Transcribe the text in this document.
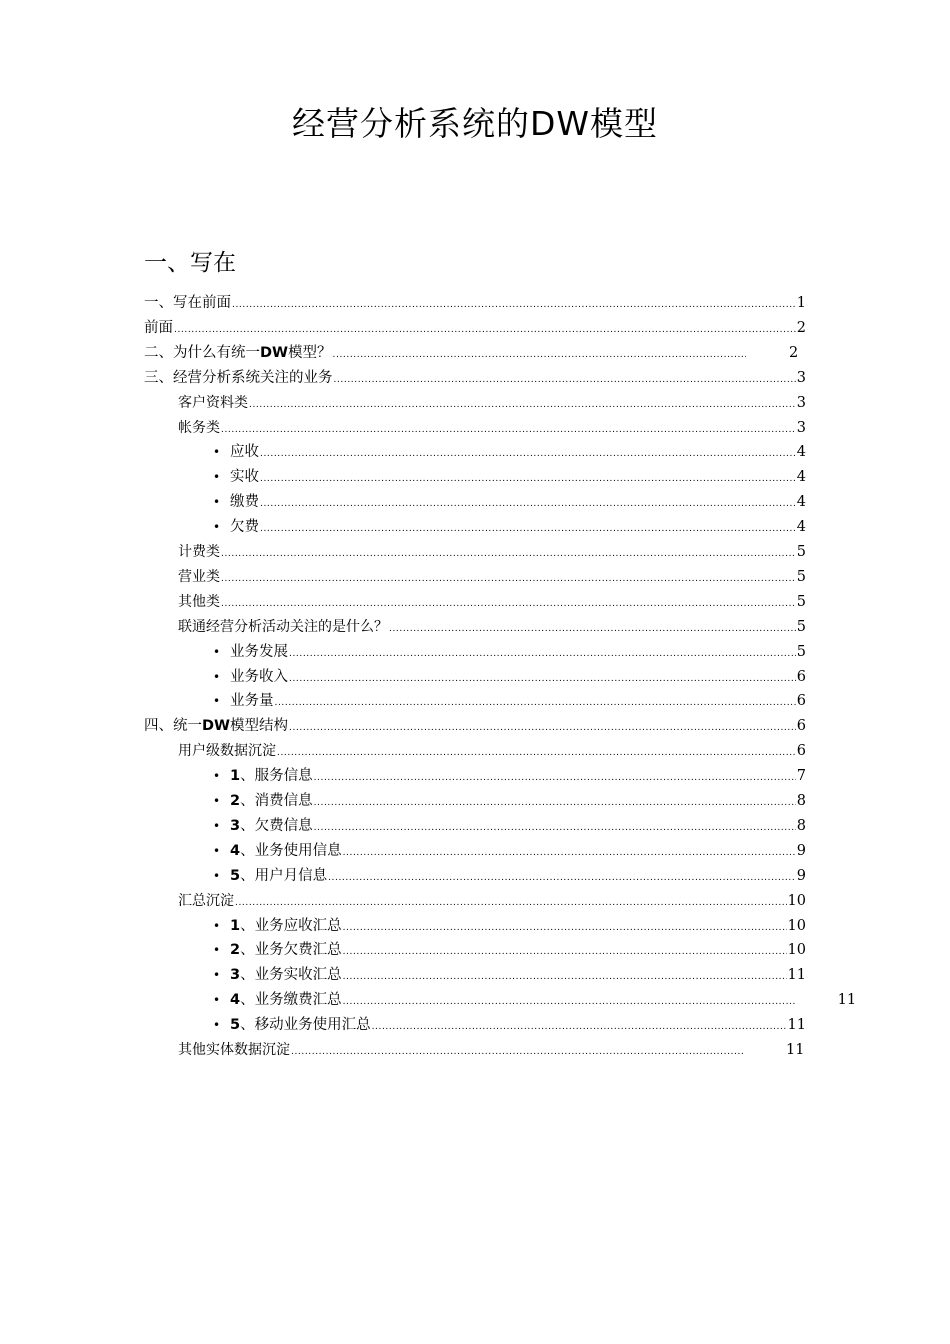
经营分析系统的DW模型
一、写在
一、写在前面 .....	1
前面 .....	2
二、为什么有统一DW模型？ .....	2
三、经营分析系统关注的业务 .....	3
客户资料类 .....	3
帐务类 .....	3
• 应收 .....	4
• 实收 .....	4
• 缴费 .....	4
• 欠费 .....	4
计费类 .....	5
营业类 .....	5
其他类 .....	5
联通经营分析活动关注的是什么？ .....	5
• 业务发展 .....	5
• 业务收入 .....	6
• 业务量 .....	6
四、统一DW模型结构 .....	6
用户级数据沉淀 .....	6
• 1、服务信息 .....	7
• 2、消费信息 .....	8
• 3、欠费信息 .....	8
• 4、业务使用信息 .....	9
• 5、用户月信息 .....	9
汇总沉淀 .....	10
• 1、业务应收汇总 .....	10
• 2、业务欠费汇总 .....	10
• 3、业务实收汇总 .....	11
• 4、业务缴费汇总 .....	11
• 5、移动业务使用汇总 .....	11
其他实体数据沉淀 .....	11
